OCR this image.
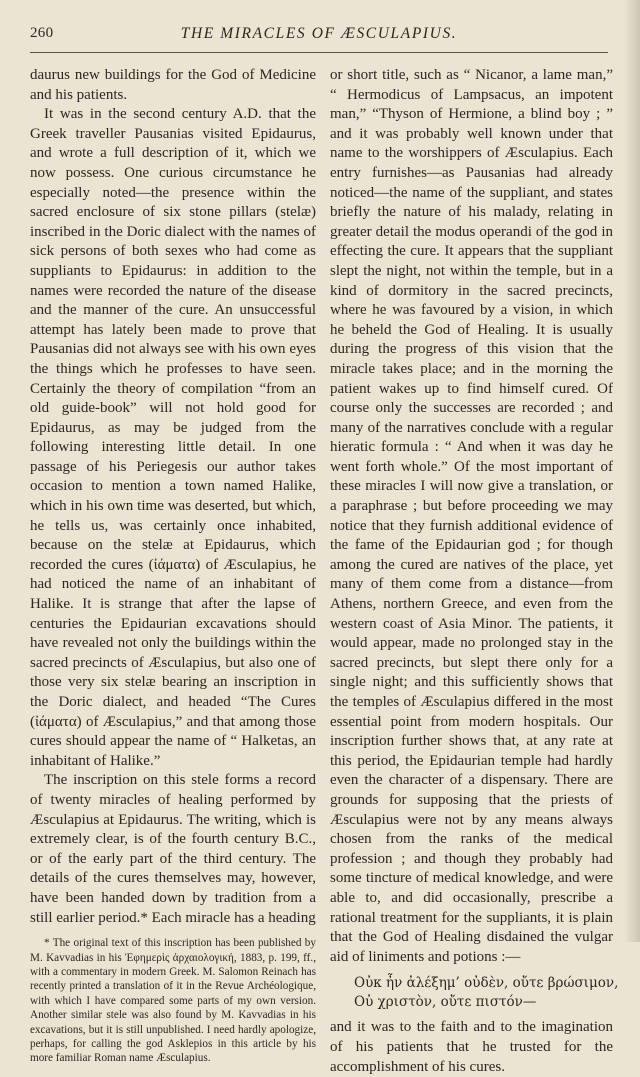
260	THE MIRACLES OF ÆSCULAPIUS.

daurus new buildings for the God of Medicine and his patients.

It was in the second century A.D. that the Greek traveller Pausanias visited Epidaurus, and wrote a full description of it, which we now possess. One curious circumstance he especially noted—the presence within the sacred enclosure of six stone pillars (stelæ) inscribed in the Doric dialect with the names of sick persons of both sexes who had come as suppliants to Epidaurus: in addition to the names were recorded the nature of the disease and the manner of the cure. An unsuccessful attempt has lately been made to prove that Pausanias did not always see with his own eyes the things which he professes to have seen. Certainly the theory of compilation “from an old guide-book” will not hold good for Epidaurus, as may be judged from the following interesting little detail. In one passage of his Periegesis our author takes occasion to mention a town named Halike, which in his own time was deserted, but which, he tells us, was certainly once inhabited, because on the stelæ at Epidaurus, which recorded the cures (ἰάματα) of Æsculapius, he had noticed the name of an inhabitant of Halike. It is strange that after the lapse of centuries the Epidaurian excavations should have revealed not only the buildings within the sacred precincts of Æsculapius, but also one of those very six stelæ bearing an inscription in the Doric dialect, and headed “The Cures (ἰάματα) of Æsculapius,” and that among those cures should appear the name of “ Halketas, an inhabitant of Halike.”

The inscription on this stele forms a record of twenty miracles of healing performed by Æsculapius at Epidaurus. The writing, which is extremely clear, is of the fourth century B.C., or of the early part of the third century. The details of the cures themselves may, however, have been handed down by tradition from a still earlier period.* Each miracle has a heading

* The original text of this inscription has been published by M. Kavvadias in his Ἐφημερὶς ἀρχαιολογική, 1883, p. 199, ff., with a commentary in modern Greek. M. Salomon Reinach has recently printed a translation of it in the Revue Archéologique, with which I have compared some parts of my own version. Another similar stele was also found by M. Kavvadias in his excavations, but it is still unpublished. I need hardly apologize, perhaps, for calling the god Asklepios in this article by his more familiar Roman name Æsculapius.

or short title, such as “ Nicanor, a lame man,” “ Hermodicus of Lampsacus, an impotent man,” “Thyson of Hermione, a blind boy ; ” and it was probably well known under that name to the worshippers of Æsculapius. Each entry furnishes—as Pausanias had already noticed—the name of the suppliant, and states briefly the nature of his malady, relating in greater detail the modus operandi of the god in effecting the cure. It appears that the suppliant slept the night, not within the temple, but in a kind of dormitory in the sacred precincts, where he was favoured by a vision, in which he beheld the God of Healing. It is usually during the progress of this vision that the miracle takes place; and in the morning the patient wakes up to find himself cured. Of course only the successes are recorded ; and many of the narratives conclude with a regular hieratic formula : “ And when it was day he went forth whole.” Of the most important of these miracles I will now give a translation, or a paraphrase ; but before proceeding we may notice that they furnish additional evidence of the fame of the Epidaurian god ; for though among the cured are natives of the place, yet many of them come from a distance—from Athens, northern Greece, and even from the western coast of Asia Minor. The patients, it would appear, made no prolonged stay in the sacred precincts, but slept there only for a single night; and this sufficiently shows that the temples of Æsculapius differed in the most essential point from modern hospitals. Our inscription further shows that, at any rate at this period, the Epidaurian temple had hardly even the character of a dispensary. There are grounds for supposing that the priests of Æsculapius were not by any means always chosen from the ranks of the medical profession ; and though they probably had some tincture of medical knowledge, and were able to, and did occasionally, prescribe a rational treatment for the suppliants, it is plain that the God of Healing disdained the vulgar aid of liniments and potions :—

Οὐκ ἦν ἀλέξημ’ οὐδὲν, οὔτε βρώσιμον,
Οὐ χριστὸν, οὔτε πιστόν—

and it was to the faith and to the imagination of his patients that he trusted for the accomplishment of his cures.
